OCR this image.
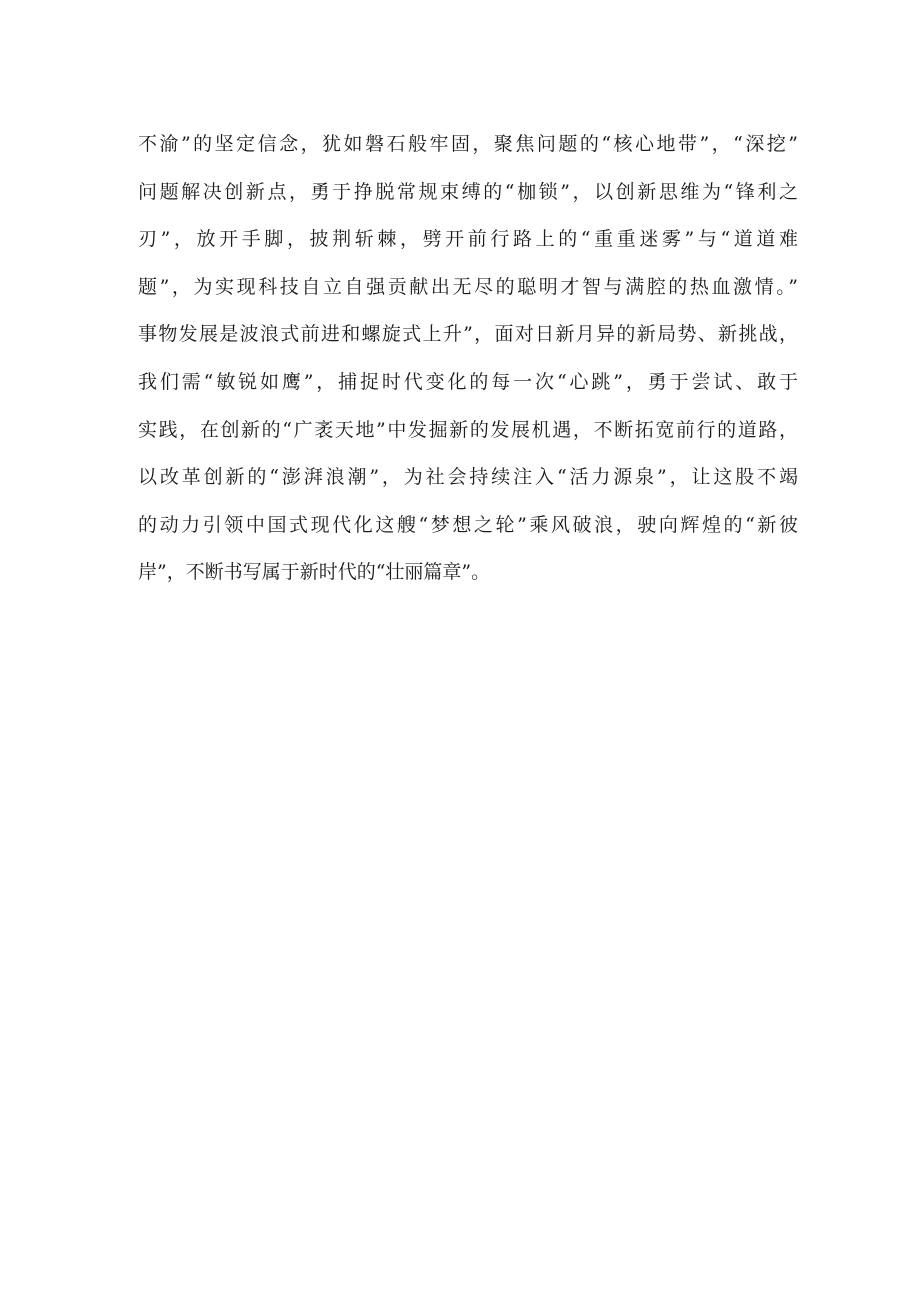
不渝”的坚定信念，犹如磐石般牢固，聚焦问题的“核心地带”，“深挖”
问题解决创新点，勇于挣脱常规束缚的“枷锁”，以创新思维为“锋利之
刃”，放开手脚，披荆斩棘，劈开前行路上的“重重迷雾”与“道道难
题”，为实现科技自立自强贡献出无尽的聪明才智与满腔的热血激情。”
事物发展是波浪式前进和螺旋式上升”，面对日新月异的新局势、新挑战，
我们需“敏锐如鹰”，捕捉时代变化的每一次“心跳”，勇于尝试、敢于
实践，在创新的“广袤天地”中发掘新的发展机遇，不断拓宽前行的道路，
以改革创新的“澎湃浪潮”，为社会持续注入“活力源泉”，让这股不竭
的动力引领中国式现代化这艘“梦想之轮”乘风破浪，驶向辉煌的“新彼
岸”，不断书写属于新时代的“壮丽篇章”。
